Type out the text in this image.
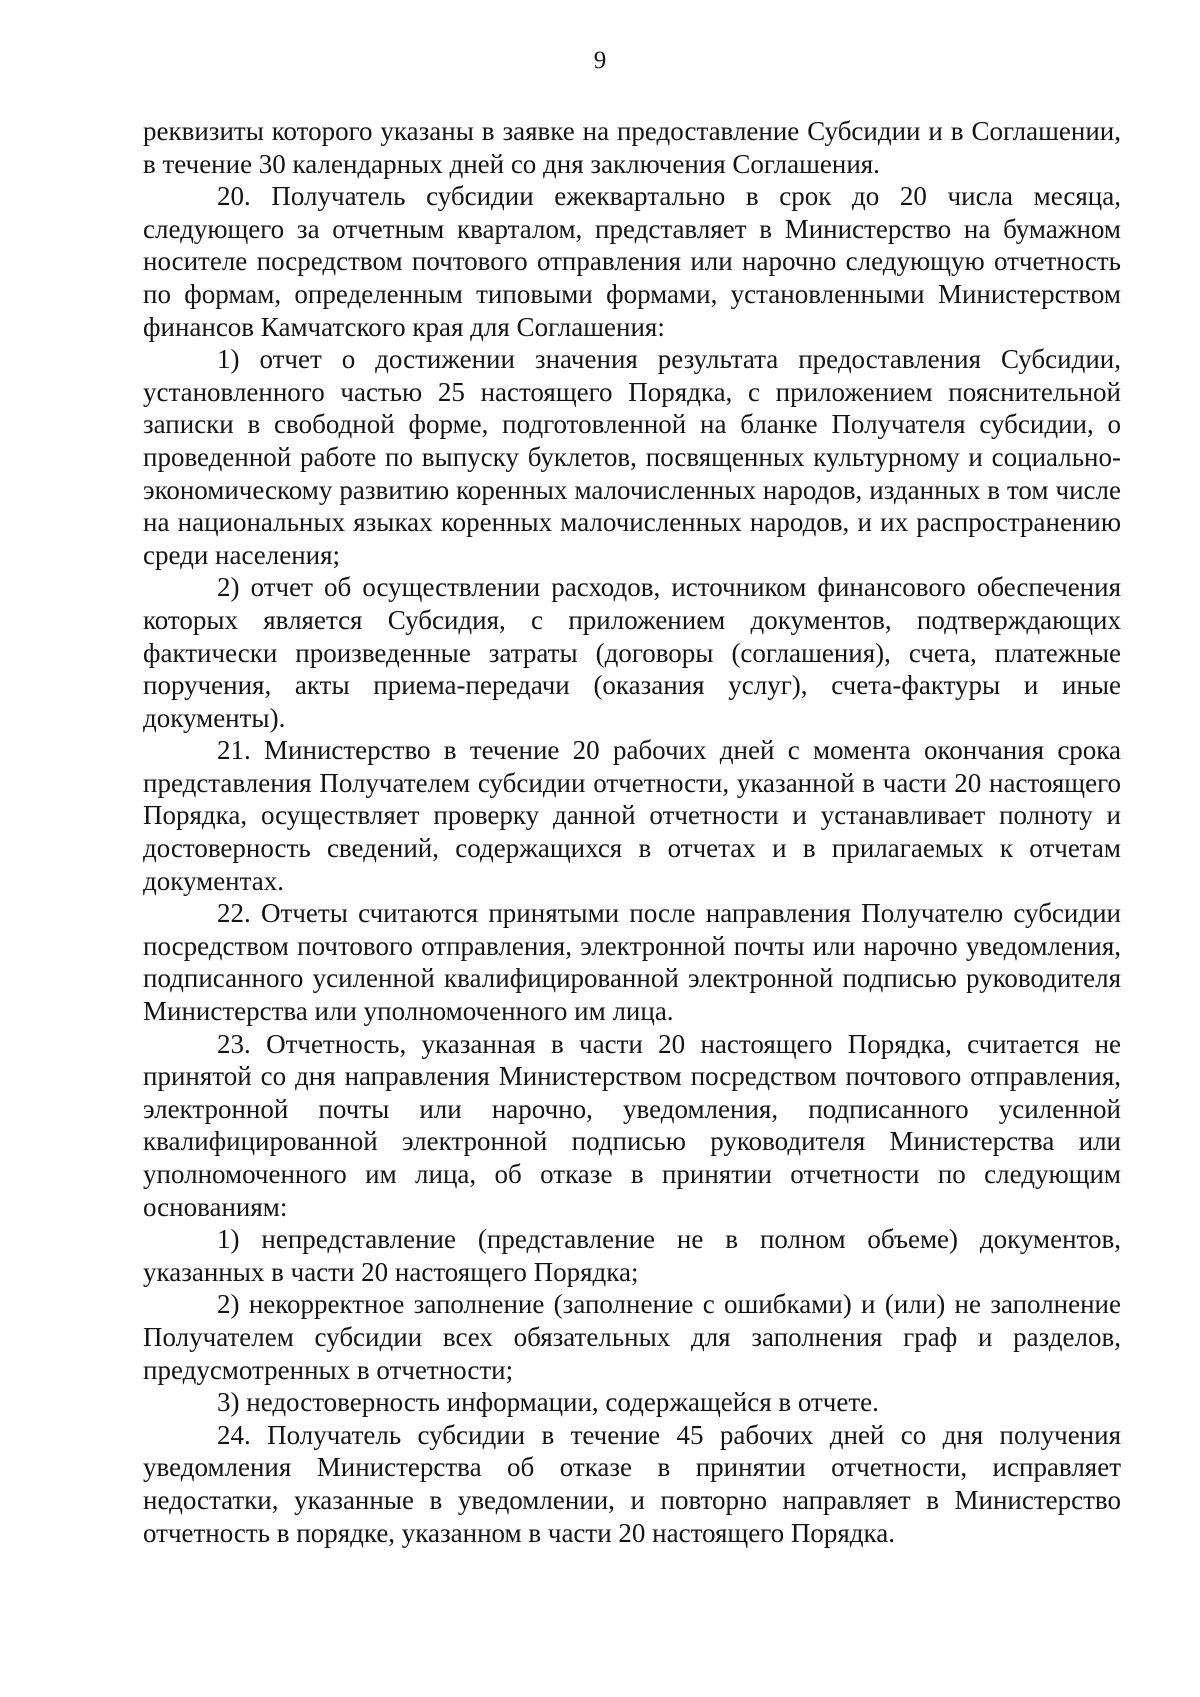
9

реквизиты которого указаны в заявке на предоставление Субсидии и в Соглашении, в течение 30 календарных дней со дня заключения Соглашения.

20. Получатель субсидии ежеквартально в срок до 20 числа месяца, следующего за отчетным кварталом, представляет в Министерство на бумажном носителе посредством почтового отправления или нарочно следующую отчетность по формам, определенным типовыми формами, установленными Министерством финансов Камчатского края для Соглашения:

1) отчет о достижении значения результата предоставления Субсидии, установленного частью 25 настоящего Порядка, с приложением пояснительной записки в свободной форме, подготовленной на бланке Получателя субсидии, о проведенной работе по выпуску буклетов, посвященных культурному и социально-экономическому развитию коренных малочисленных народов, изданных в том числе на национальных языках коренных малочисленных народов, и их распространению среди населения;

2) отчет об осуществлении расходов, источником финансового обеспечения которых является Субсидия, с приложением документов, подтверждающих фактически произведенные затраты (договоры (соглашения), счета, платежные поручения, акты приема-передачи (оказания услуг), счета-фактуры и иные документы).

21. Министерство в течение 20 рабочих дней с момента окончания срока представления Получателем субсидии отчетности, указанной в части 20 настоящего Порядка, осуществляет проверку данной отчетности и устанавливает полноту и достоверность сведений, содержащихся в отчетах и в прилагаемых к отчетам документах.

22. Отчеты считаются принятыми после направления Получателю субсидии посредством почтового отправления, электронной почты или нарочно уведомления, подписанного усиленной квалифицированной электронной подписью руководителя Министерства или уполномоченного им лица.

23. Отчетность, указанная в части 20 настоящего Порядка, считается не принятой со дня направления Министерством посредством почтового отправления, электронной почты или нарочно, уведомления, подписанного усиленной квалифицированной электронной подписью руководителя Министерства или уполномоченного им лица, об отказе в принятии отчетности по следующим основаниям:

1) непредставление (представление не в полном объеме) документов, указанных в части 20 настоящего Порядка;

2) некорректное заполнение (заполнение с ошибками) и (или) не заполнение Получателем субсидии всех обязательных для заполнения граф и разделов, предусмотренных в отчетности;

3) недостоверность информации, содержащейся в отчете.

24. Получатель субсидии в течение 45 рабочих дней со дня получения уведомления Министерства об отказе в принятии отчетности, исправляет недостатки, указанные в уведомлении, и повторно направляет в Министерство отчетность в порядке, указанном в части 20 настоящего Порядка.
